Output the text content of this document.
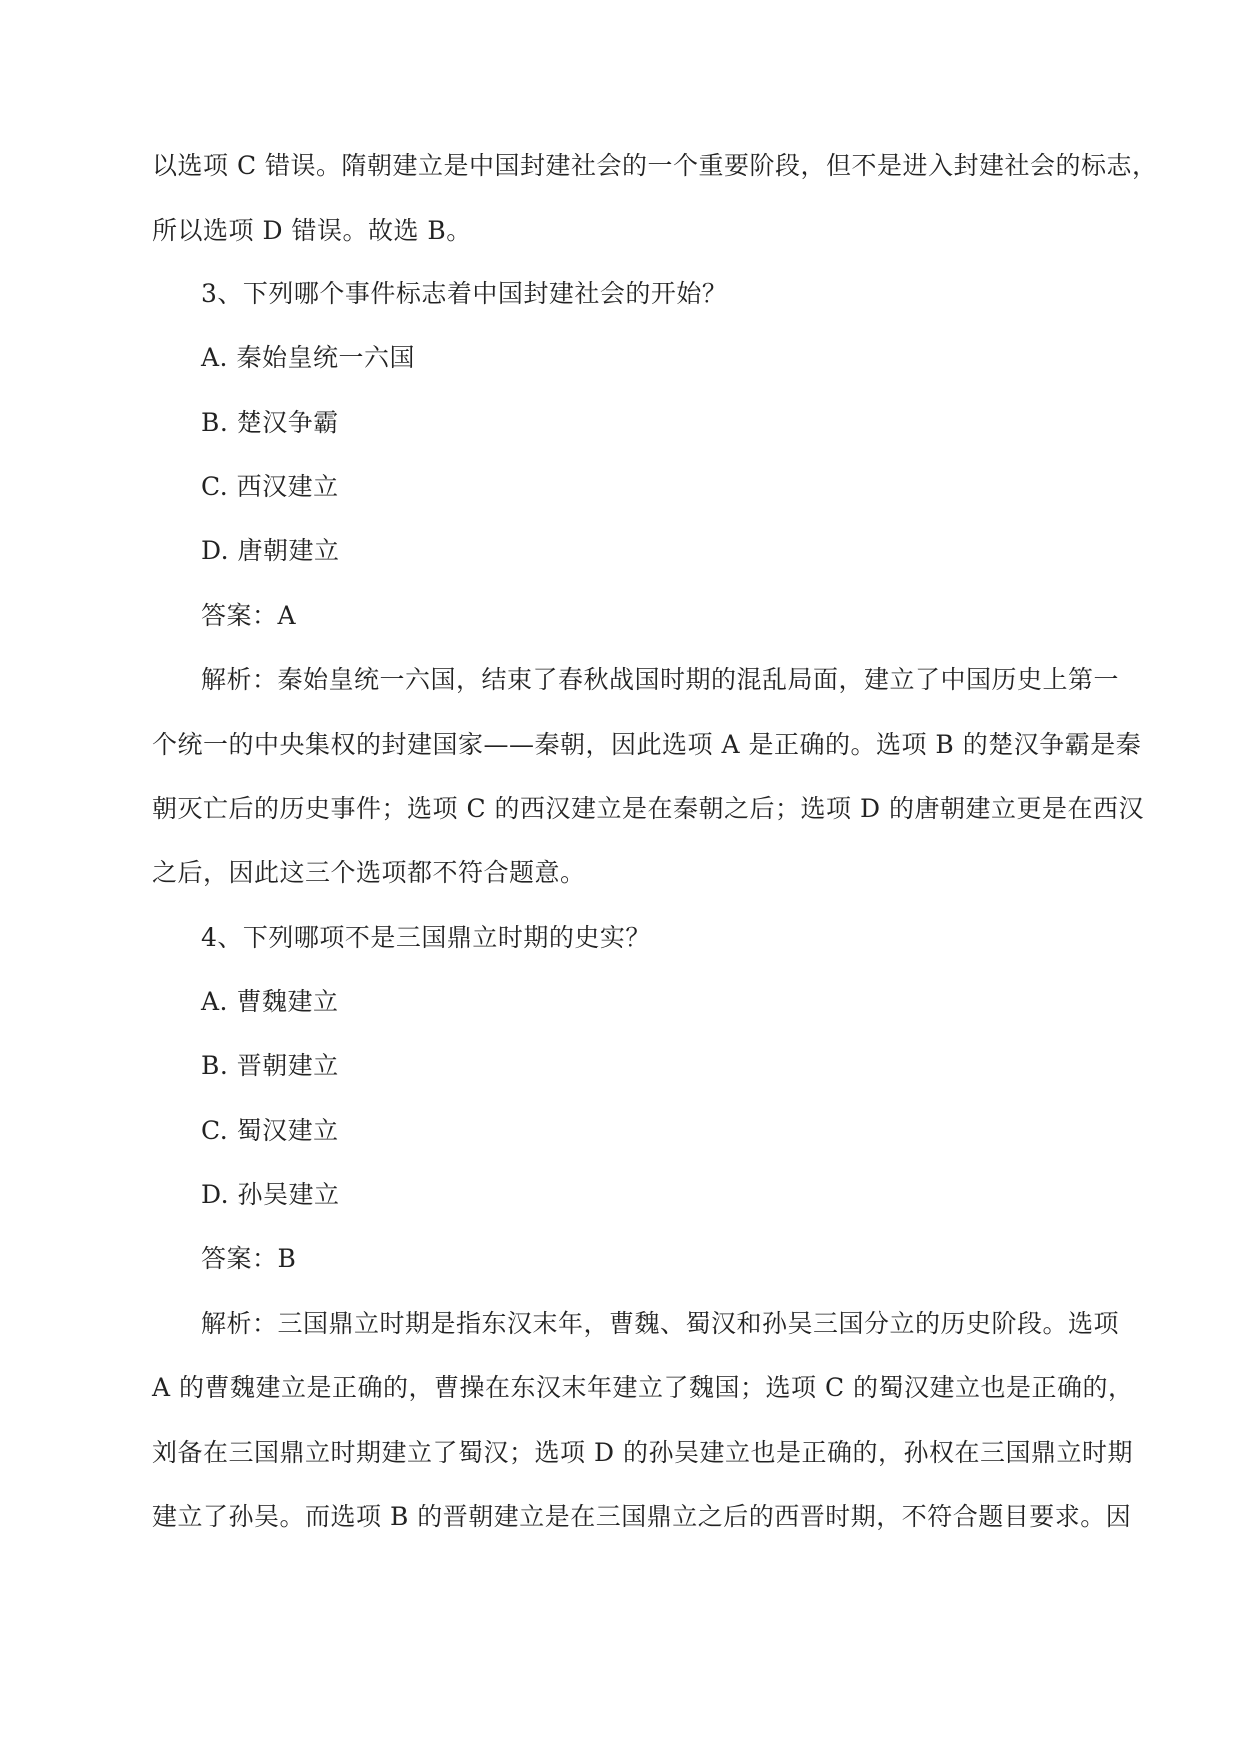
以选项 C 错误。隋朝建立是中国封建社会的一个重要阶段，但不是进入封建社会的标志，
所以选项 D 错误。故选 B。
3、下列哪个事件标志着中国封建社会的开始？
A. 秦始皇统一六国
B. 楚汉争霸
C. 西汉建立
D. 唐朝建立
答案：A
解析：秦始皇统一六国，结束了春秋战国时期的混乱局面，建立了中国历史上第一
个统一的中央集权的封建国家——秦朝，因此选项 A 是正确的。选项 B 的楚汉争霸是秦
朝灭亡后的历史事件；选项 C 的西汉建立是在秦朝之后；选项 D 的唐朝建立更是在西汉
之后，因此这三个选项都不符合题意。
4、下列哪项不是三国鼎立时期的史实？
A. 曹魏建立
B. 晋朝建立
C. 蜀汉建立
D. 孙吴建立
答案：B
解析：三国鼎立时期是指东汉末年，曹魏、蜀汉和孙吴三国分立的历史阶段。选项
A 的曹魏建立是正确的，曹操在东汉末年建立了魏国；选项 C 的蜀汉建立也是正确的，
刘备在三国鼎立时期建立了蜀汉；选项 D 的孙吴建立也是正确的，孙权在三国鼎立时期
建立了孙吴。而选项 B 的晋朝建立是在三国鼎立之后的西晋时期，不符合题目要求。因
